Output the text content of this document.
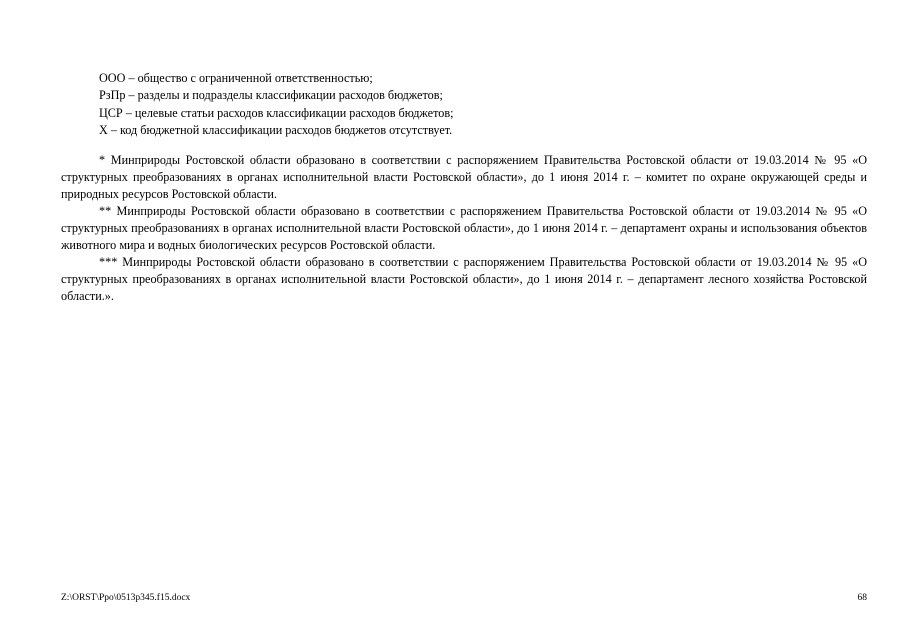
ООО – общество с ограниченной ответственностью;
РзПр – разделы и подразделы классификации расходов бюджетов;
ЦСР – целевые статьи расходов классификации расходов бюджетов;
Х – код бюджетной классификации расходов бюджетов отсутствует.

* Минприроды Ростовской области образовано в соответствии с распоряжением Правительства Ростовской области от 19.03.2014 № 95 «О структурных преобразованиях в органах исполнительной власти Ростовской области», до 1 июня 2014 г. – комитет по охране окружающей среды и природных ресурсов Ростовской области.

** Минприроды Ростовской области образовано в соответствии с распоряжением Правительства Ростовской области от 19.03.2014 № 95 «О структурных преобразованиях в органах исполнительной власти Ростовской области», до 1 июня 2014 г. – департамент охраны и использования объектов животного мира и водных биологических ресурсов Ростовской области.

*** Минприроды Ростовской области образовано в соответствии с распоряжением Правительства Ростовской области от 19.03.2014 № 95 «О структурных преобразованиях в органах исполнительной власти Ростовской области», до 1 июня 2014 г. – департамент лесного хозяйства Ростовской области.».

Z:\ORST\Ppo\0513p345.f15.docx	68
